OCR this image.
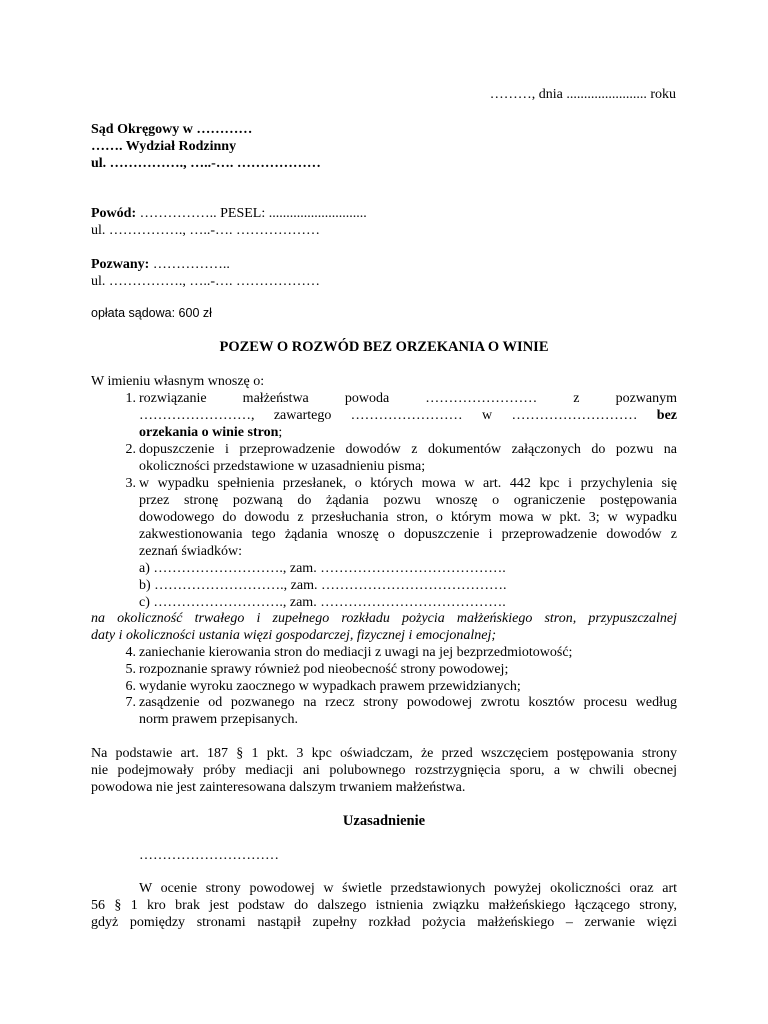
………, dnia ....................... roku
Sąd Okręgowy w …………
……. Wydział Rodzinny
ul. ……………., …..-…. ………………
Powód: …………….. PESEL: ............................
ul. ……………., …..-…. ………………
Pozwany: ……………..
ul. ……………., …..-…. ………………
opłata sądowa: 600 zł
POZEW O ROZWÓD BEZ ORZEKANIA O WINIE
W imieniu własnym wnoszę o:
1. rozwiązanie małżeństwa powoda …………………… z pozwanym
……………………, zawartego …………………… w ……………………… bez
orzekania o winie stron;
2. dopuszczenie i przeprowadzenie dowodów z dokumentów załączonych do pozwu na
okoliczności przedstawione w uzasadnieniu pisma;
3. w wypadku spełnienia przesłanek, o których mowa w art. 442 kpc i przychylenia się
przez stronę pozwaną do żądania pozwu wnoszę o ograniczenie postępowania
dowodowego do dowodu z przesłuchania stron, o którym mowa w pkt. 3; w wypadku
zakwestionowania tego żądania wnoszę o dopuszczenie i przeprowadzenie dowodów z
zeznań świadków:
a) ………………………., zam. ………………………………….
b) ………………………., zam. ………………………………….
c) ………………………., zam. ………………………………….
na okoliczność trwałego i zupełnego rozkładu pożycia małżeńskiego stron, przypuszczalnej
daty i okoliczności ustania więzi gospodarczej, fizycznej i emocjonalnej;
4. zaniechanie kierowania stron do mediacji z uwagi na jej bezprzedmiotowość;
5. rozpoznanie sprawy również pod nieobecność strony powodowej;
6. wydanie wyroku zaocznego w wypadkach prawem przewidzianych;
7. zasądzenie od pozwanego na rzecz strony powodowej zwrotu kosztów procesu według
norm prawem przepisanych.
Na podstawie art. 187 § 1 pkt. 3 kpc oświadczam, że przed wszczęciem postępowania strony
nie podejmowały próby mediacji ani polubownego rozstrzygnięcia sporu, a w chwili obecnej
powodowa nie jest zainteresowana dalszym trwaniem małżeństwa.
Uzasadnienie
…………………………
W ocenie strony powodowej w świetle przedstawionych powyżej okoliczności oraz art
56 § 1 kro brak jest podstaw do dalszego istnienia związku małżeńskiego łączącego strony,
gdyż pomiędzy stronami nastąpił zupełny rozkład pożycia małżeńskiego – zerwanie więzi
